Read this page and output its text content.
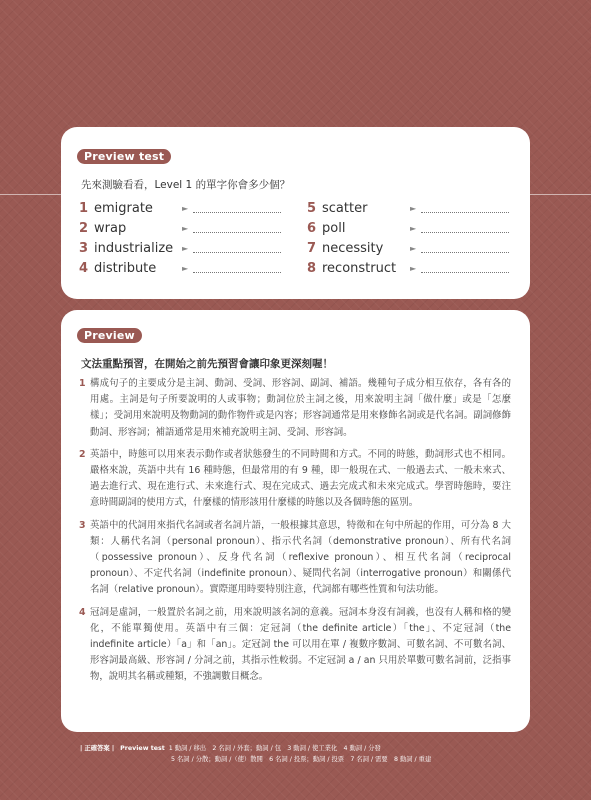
Preview test
先來測驗看看，Level 1 的單字你會多少個？
1 emigrate	►
2 wrap	►
3 industrialize ►
4 distribute	►
5 scatter	►
6 poll	►
7 necessity	►
8 reconstruct ►
Preview
文法重點預習，在開始之前先預習會讓印象更深刻喔！

1 構成句子的主要成分是主詞、動詞、受詞、形容詞、副詞、補語。幾種句子成分相互依存，各有各的用處。主詞是句子所要說明的人或事物；動詞位於主詞之後，用來說明主詞「做什麼」或是「怎麼樣」；受詞用來說明及物動詞的動作物件或是內容；形容詞通常是用來修飾名詞或是代名詞。副詞修飾動詞、形容詞；補語通常是用來補充說明主詞、受詞、形容詞。

2 英語中，時態可以用來表示動作或者狀態發生的不同時間和方式。不同的時態，動詞形式也不相同。嚴格來說，英語中共有 16 種時態，但最常用的有 9 種，即一般現在式、一般過去式、一般未來式、過去進行式、現在進行式、未來進行式、現在完成式、過去完成式和未來完成式。學習時態時，要注意時間副詞的使用方式，什麼樣的情形該用什麼樣的時態以及各個時態的區別。

3 英語中的代詞用來指代名詞或者名詞片語，一般根據其意思，特徵和在句中所起的作用，可分為 8 大類：人稱代名詞（personal pronoun）、指示代名詞（demonstrative pronoun）、所有代名詞（possessive pronoun）、反身代名詞（reflexive pronoun）、相互代名詞（reciprocal pronoun）、不定代名詞（indefinite pronoun）、疑問代名詞（interrogative pronoun）和關係代名詞（relative pronoun）。實際運用時要特別注意，代詞都有哪些性質和句法功能。

4 冠詞是虛詞，一般置於名詞之前，用來說明該名詞的意義。冠詞本身沒有詞義，也沒有人稱和格的變化，不能單獨使用。英語中有三個：定冠詞（the definite article）「the」、不定冠詞（the indefinite article）「a」和「an」。定冠詞 the 可以用在單 / 複數序數詞、可數名詞、不可數名詞、形容詞最高級、形容詞 / 分詞之前，其指示性較弱。不定冠詞 a / an 只用於單數可數名詞前，泛指事物，說明其名稱或種類，不強調數目概念。

| 正確答案 | Preview test 1 動詞 / 移出　2 名詞 / 外套；動詞 / 包　3 動詞 / 使工業化　4 動詞 / 分發
5 名詞 / 分散；動詞 /（使）散開　6 名詞 / 投票；動詞 / 投票　7 名詞 / 需要　8 動詞 / 重建
